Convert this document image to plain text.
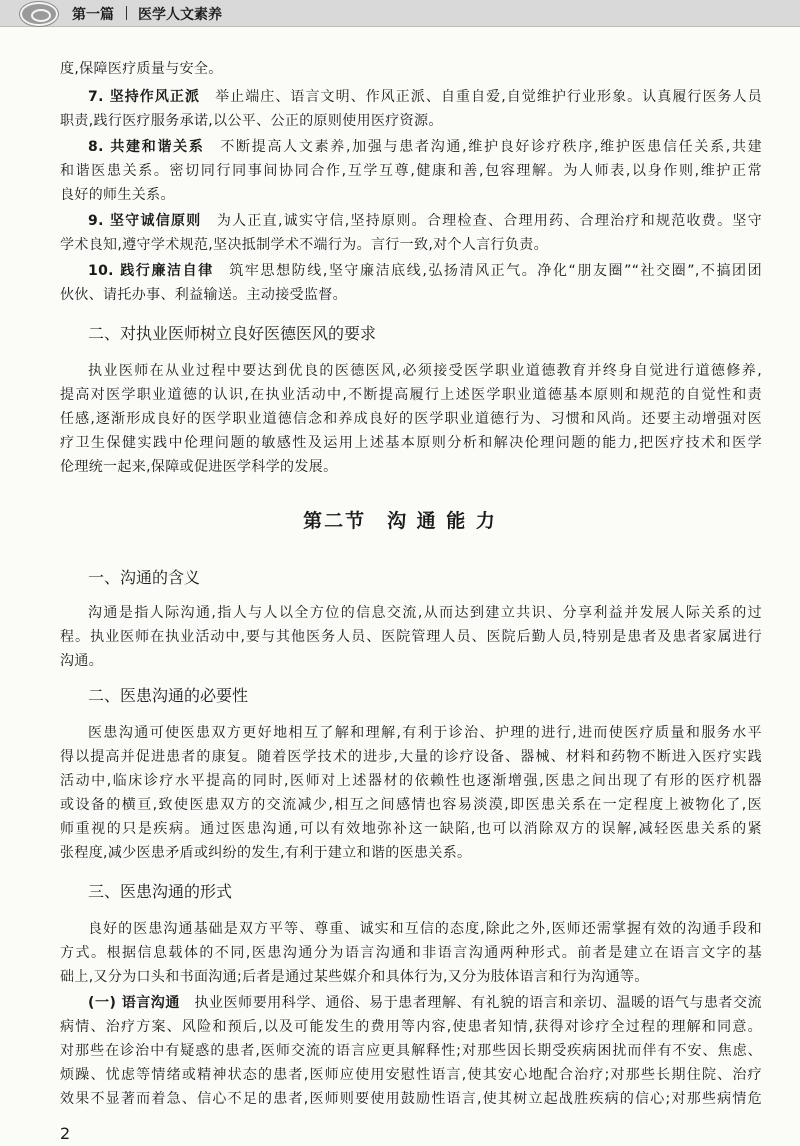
第一篇 医学人文素养
度,保障医疗质量与安全。
7. 坚持作风正派　 举止端庄、语言文明、作风正派、自重自爱,自觉维护行业形象。认真履行医务人员
职责,践行医疗服务承诺,以公平、公正的原则使用医疗资源。
8. 共建和谐关系　 不断提高人文素养,加强与患者沟通,维护良好诊疗秩序,维护医患信任关系,共建
和谐医患关系。密切同行同事间协同合作,互学互尊,健康和善,包容理解。为人师表,以身作则,维护正常
良好的师生关系。
9. 坚守诚信原则　 为人正直,诚实守信,坚持原则。合理检查、合理用药、合理治疗和规范收费。坚守
学术良知,遵守学术规范,坚决抵制学术不端行为。言行一致,对个人言行负责。
10. 践行廉洁自律　 筑牢思想防线,坚守廉洁底线,弘扬清风正气。净化“朋友圈”“社交圈”,不搞团团
伙伙、请托办事、利益输送。主动接受监督。
二、对执业医师树立良好医德医风的要求
执业医师在从业过程中要达到优良的医德医风,必须接受医学职业道德教育并终身自觉进行道德修养,
提高对医学职业道德的认识,在执业活动中,不断提高履行上述医学职业道德基本原则和规范的自觉性和责
任感,逐渐形成良好的医学职业道德信念和养成良好的医学职业道德行为、习惯和风尚。还要主动增强对医
疗卫生保健实践中伦理问题的敏感性及运用上述基本原则分析和解决伦理问题的能力,把医疗技术和医学
伦理统一起来,保障或促进医学科学的发展。
第二节　沟 通 能 力
一、沟通的含义
沟通是指人际沟通,指人与人以全方位的信息交流,从而达到建立共识、分享利益并发展人际关系的过
程。执业医师在执业活动中,要与其他医务人员、医院管理人员、医院后勤人员,特别是患者及患者家属进行
沟通。
二、医患沟通的必要性
医患沟通可使医患双方更好地相互了解和理解,有利于诊治、护理的进行,进而使医疗质量和服务水平
得以提高并促进患者的康复。随着医学技术的进步,大量的诊疗设备、器械、材料和药物不断进入医疗实践
活动中,临床诊疗水平提高的同时,医师对上述器材的依赖性也逐渐增强,医患之间出现了有形的医疗机器
或设备的横亘,致使医患双方的交流减少,相互之间感情也容易淡漠,即医患关系在一定程度上被物化了,医
师重视的只是疾病。通过医患沟通,可以有效地弥补这一缺陷,也可以消除双方的误解,减轻医患关系的紧
张程度,减少医患矛盾或纠纷的发生,有利于建立和谐的医患关系。
三、医患沟通的形式
良好的医患沟通基础是双方平等、尊重、诚实和互信的态度,除此之外,医师还需掌握有效的沟通手段和
方式。根据信息载体的不同,医患沟通分为语言沟通和非语言沟通两种形式。前者是建立在语言文字的基
础上,又分为口头和书面沟通;后者是通过某些媒介和具体行为,又分为肢体语言和行为沟通等。
(一) 语言沟通　 执业医师要用科学、通俗、易于患者理解、有礼貌的语言和亲切、温暖的语气与患者交流
病情、治疗方案、风险和预后,以及可能发生的费用等内容,使患者知情,获得对诊疗全过程的理解和同意。
对那些在诊治中有疑惑的患者,医师交流的语言应更具解释性;对那些因长期受疾病困扰而伴有不安、焦虑、
烦躁、忧虑等情绪或精神状态的患者,医师应使用安慰性语言,使其安心地配合治疗;对那些长期住院、治疗
效果不显著而着急、信心不足的患者,医师则要使用鼓励性语言,使其树立起战胜疾病的信心;对那些病情危
2
